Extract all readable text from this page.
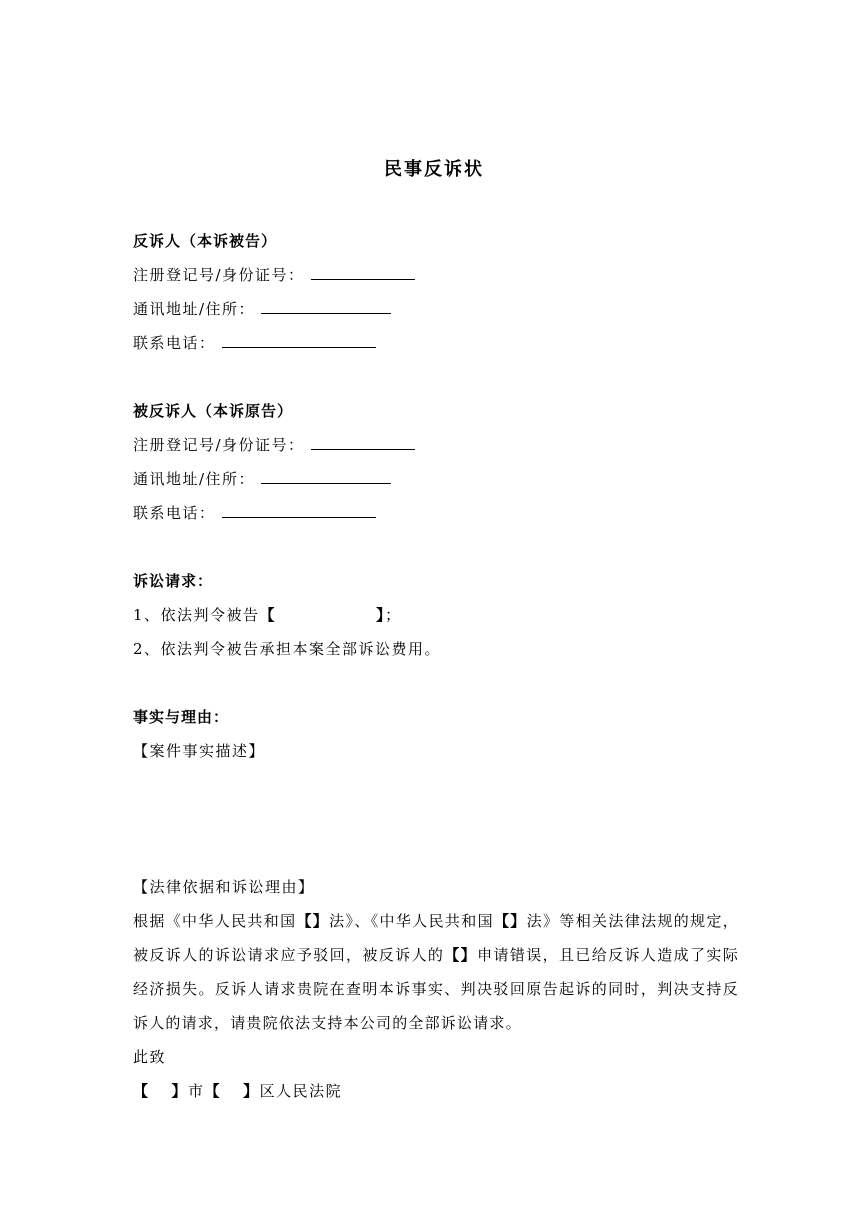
民事反诉状
反诉人（本诉被告）
注册登记号/身份证号：
通讯地址/住所：
联系电话：
被反诉人（本诉原告）
注册登记号/身份证号：
通讯地址/住所：
联系电话：
诉讼请求：
1、依法判令被告【	】；
2、依法判令被告承担本案全部诉讼费用。
事实与理由：
【案件事实描述】
【法律依据和诉讼理由】
根据《中华人民共和国【】法》、《中华人民共和国【】法》等相关法律法规的规定，被反诉人的诉讼请求应予驳回，被反诉人的【】申请错误，且已给反诉人造成了实际经济损失。反诉人请求贵院在查明本诉事实、判决驳回原告起诉的同时，判决支持反诉人的请求，请贵院依法支持本公司的全部诉讼请求。
此致
【 】市【 】区人民法院
